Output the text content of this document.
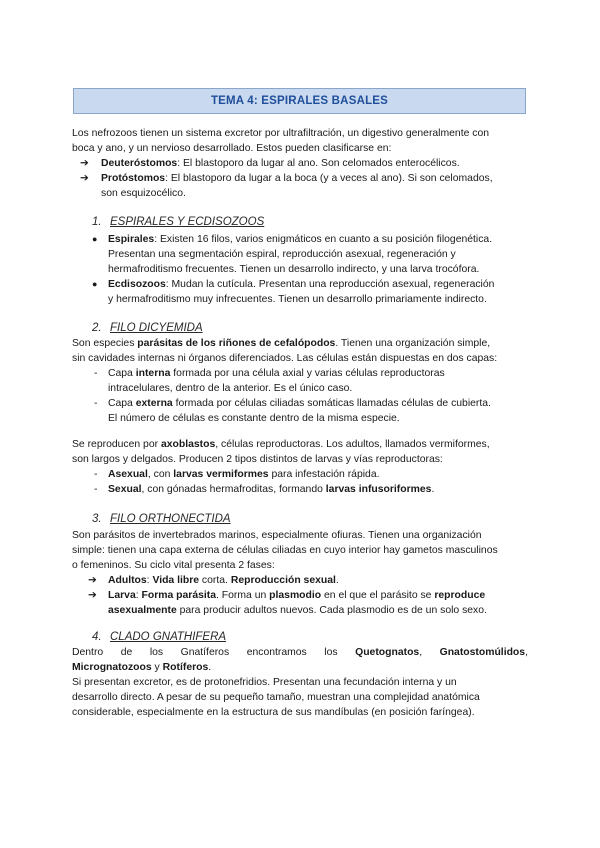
TEMA 4: ESPIRALES BASALES

Los nefrozoos tienen un sistema excretor por ultrafiltración, un digestivo generalmente con

boca y ano, y un nervioso desarrollado. Estos pueden clasificarse en:

➔ Deuteróstomos: El blastoporo da lugar al ano. Son celomados enterocélicos.
➔ Protóstomos: El blastoporo da lugar a la boca (y a veces al ano). Si son celomados,
son esquizocélico.
1. ESPIRALES Y ECDISOZOOS
● Espirales: Existen 16 filos, varios enigmáticos en cuanto a su posición filogenética.
Presentan una segmentación espiral, reproducción asexual, regeneración y
hermafroditismo frecuentes. Tienen un desarrollo indirecto, y una larva trocófora.
● Ecdisozoos: Mudan la cutícula. Presentan una reproducción asexual, regeneración
y hermafroditismo muy infrecuentes. Tienen un desarrollo primariamente indirecto.
2. FILO DICYEMIDA

Son especies parásitas de los riñones de cefalópodos. Tienen una organización simple,

sin cavidades internas ni órganos diferenciados. Las células están dispuestas en dos capas:

- Capa interna formada por una célula axial y varias células reproductoras
intracelulares, dentro de la anterior. Es el único caso.
- Capa externa formada por células ciliadas somáticas llamadas células de cubierta.
El número de células es constante dentro de la misma especie.

Se reproducen por axoblastos, células reproductoras. Los adultos, llamados vermiformes,

son largos y delgados. Producen 2 tipos distintos de larvas y vías reproductoras:

- Asexual, con larvas vermiformes para infestación rápida.
- Sexual, con gónadas hermafroditas, formando larvas infusoriformes.
3. FILO ORTHONECTIDA

Son parásitos de invertebrados marinos, especialmente ofiuras. Tienen una organización

simple: tienen una capa externa de células ciliadas en cuyo interior hay gametos masculinos

o femeninos. Su ciclo vital presenta 2 fases:

➔ Adultos: Vida libre corta. Reproducción sexual.
➔ Larva: Forma parásita. Forma un plasmodio en el que el parásito se reproduce
asexualmente para producir adultos nuevos. Cada plasmodio es de un solo sexo.
4. CLADO GNATHIFERA

Dentro de los Gnatíferos encontramos los Quetognatos, Gnatostomúlidos,

Micrognatozoos y Rotíferos.

Si presentan excretor, es de protonefridios. Presentan una fecundación interna y un

desarrollo directo. A pesar de su pequeño tamaño, muestran una complejidad anatómica

considerable, especialmente en la estructura de sus mandíbulas (en posición faríngea).
